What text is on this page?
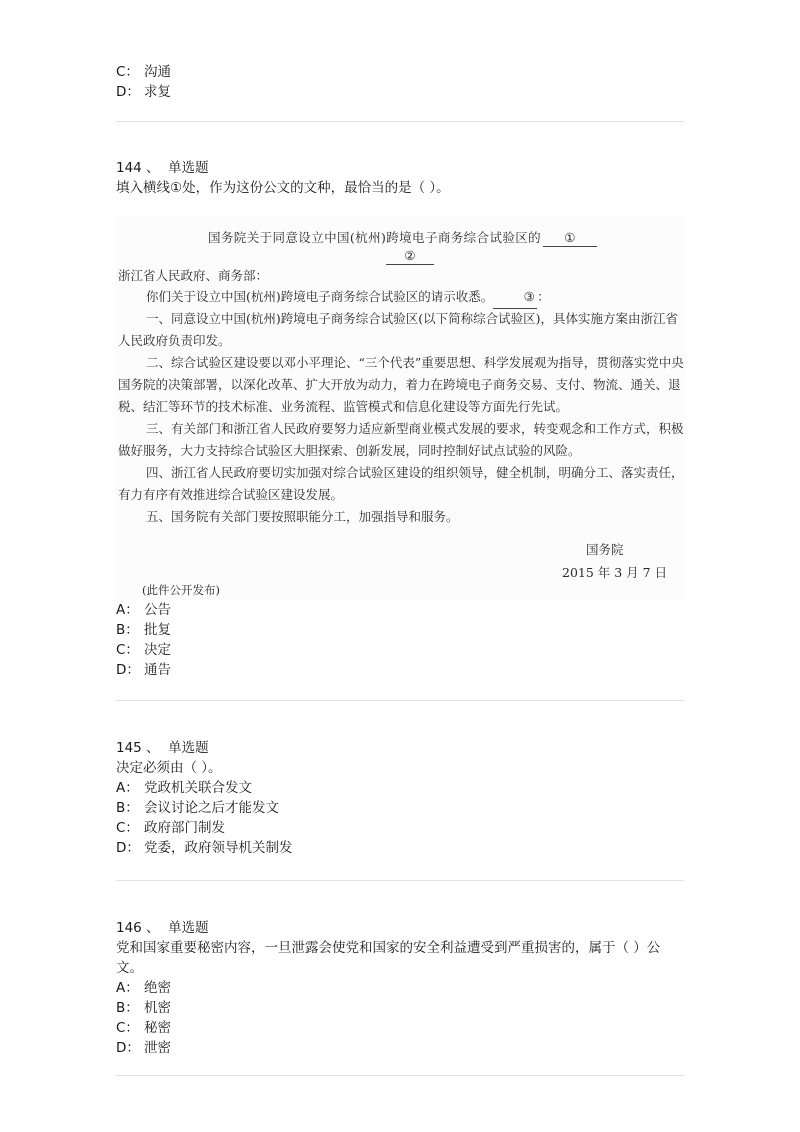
C： 沟通
D： 求复
144 、 单选题
填入横线①处，作为这份公文的文种，最恰当的是（ ）。
国务院关于同意设立中国(杭州)跨境电子商务综合试验区的 ①
②
浙江省人民政府、商务部：
你们关于设立中国(杭州)跨境电子商务综合试验区的请示收悉。 ③ ：
一、同意设立中国(杭州)跨境电子商务综合试验区(以下简称综合试验区)，具体实施方案由浙江省人民政府负责印发。
二、综合试验区建设要以邓小平理论、“三个代表”重要思想、科学发展观为指导，贯彻落实党中央国务院的决策部署，以深化改革、扩大开放为动力，着力在跨境电子商务交易、支付、物流、通关、退税、结汇等环节的技术标准、业务流程、监管模式和信息化建设等方面先行先试。
三、有关部门和浙江省人民政府要努力适应新型商业模式发展的要求，转变观念和工作方式，积极做好服务，大力支持综合试验区大胆探索、创新发展，同时控制好试点试验的风险。
四、浙江省人民政府要切实加强对综合试验区建设的组织领导，健全机制，明确分工、落实责任，有力有序有效推进综合试验区建设发展。
五、国务院有关部门要按照职能分工，加强指导和服务。
国务院
2015 年 3 月 7 日
(此件公开发布)
A： 公告
B： 批复
C： 决定
D： 通告
145 、 单选题
决定必须由（ ）。
A： 党政机关联合发文
B： 会议讨论之后才能发文
C： 政府部门制发
D： 党委，政府领导机关制发
146 、 单选题
党和国家重要秘密内容，一旦泄露会使党和国家的安全利益遭受到严重损害的，属于（ ）公文。
A： 绝密
B： 机密
C： 秘密
D： 泄密
